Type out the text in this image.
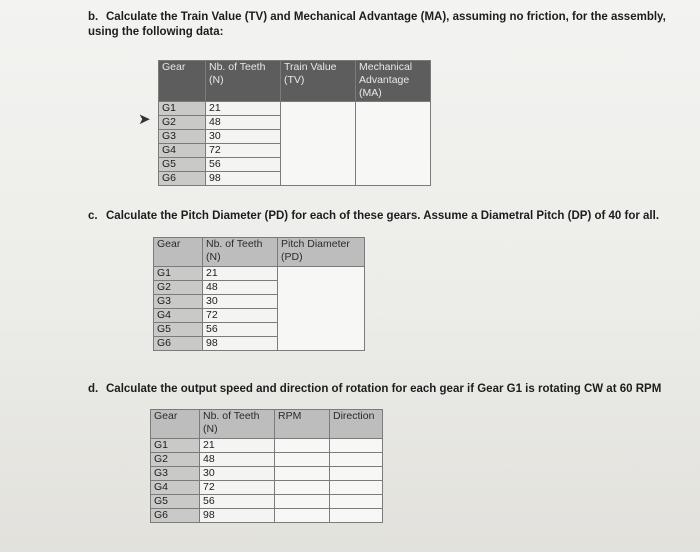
b. Calculate the Train Value (TV) and Mechanical Advantage (MA), assuming no friction, for the assembly, using the following data:
➤
Gear	Nb. of Teeth (N)	Train Value (TV)	Mechanical Advantage (MA)
G1	21		
G2	48		
G3	30		
G4	72		
G5	56		
G6	98		
c. Calculate the Pitch Diameter (PD) for each of these gears. Assume a Diametral Pitch (DP) of 40 for all.
Gear	Nb. of Teeth (N)	Pitch Diameter (PD)
G1	21	
G2	48	
G3	30	
G4	72	
G5	56	
G6	98	
d. Calculate the output speed and direction of rotation for each gear if Gear G1 is rotating CW at 60 RPM
Gear	Nb. of Teeth (N)	RPM	Direction
G1	21		
G2	48		
G3	30		
G4	72		
G5	56		
G6	98		
